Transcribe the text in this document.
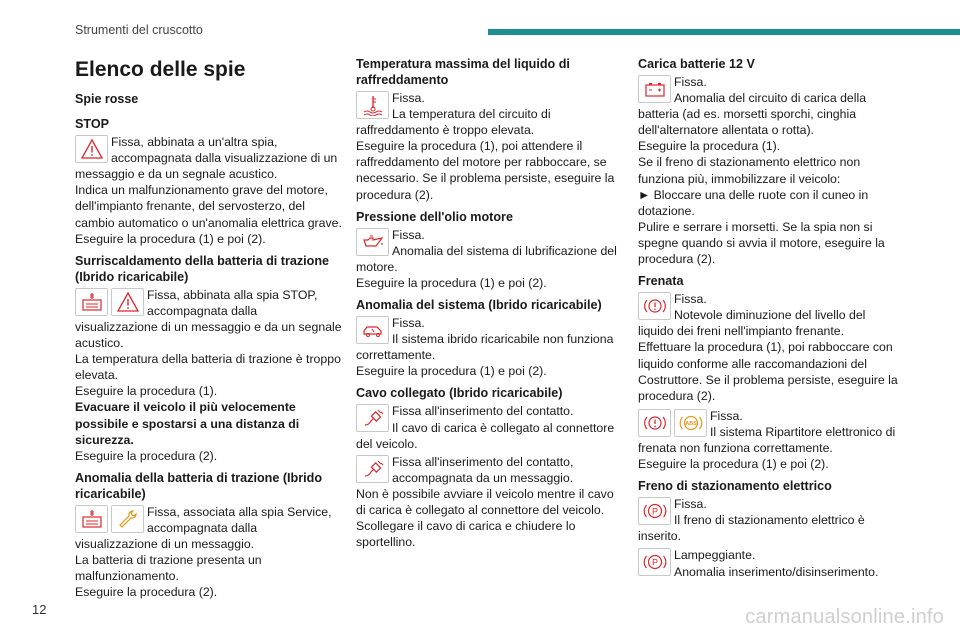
Strumenti del cruscotto
Elenco delle spie
Spie rosse
STOP

Fissa, abbinata a un'altra spia,

accompagnata dalla visualizzazione di un messaggio e da un segnale acustico.

Indica un malfunzionamento grave del motore, dell'impianto frenante, del servosterzo, del cambio automatico o un'anomalia elettrica grave.

Eseguire la procedura (1) e poi (2).

Surriscaldamento della batteria di trazione (Ibrido ricaricabile)

Fissa, abbinata alla spia STOP, accompagnata dalla visualizzazione di un messaggio e da un segnale acustico.

La temperatura della batteria di trazione è troppo elevata.

Eseguire la procedura (1).

Evacuare il veicolo il più velocemente possibile e spostarsi a una distanza di sicurezza.

Eseguire la procedura (2).

Anomalia della batteria di trazione (Ibrido ricaricabile)

Fissa, associata alla spia Service, accompagnata dalla visualizzazione di un messaggio.

La batteria di trazione presenta un malfunzionamento.

Eseguire la procedura (2).

Temperatura massima del liquido di raffreddamento

Fissa.

La temperatura del circuito di raffreddamento è troppo elevata.

Eseguire la procedura (1), poi attendere il raffreddamento del motore per rabboccare, se necessario. Se il problema persiste, eseguire la procedura (2).

Pressione dell'olio motore

Fissa.

Anomalia del sistema di lubrificazione del motore.

Eseguire la procedura (1) e poi (2).

Anomalia del sistema (Ibrido ricaricabile)

Fissa.

Il sistema ibrido ricaricabile non funziona correttamente.

Eseguire la procedura (1) e poi (2).

Cavo collegato (Ibrido ricaricabile)

Fissa all'inserimento del contatto.

Il cavo di carica è collegato al connettore del veicolo.

Fissa all'inserimento del contatto, accompagnata da un messaggio.

Non è possibile avviare il veicolo mentre il cavo di carica è collegato al connettore del veicolo.

Scollegare il cavo di carica e chiudere lo sportellino.

Carica batterie 12 V

Fissa.

Anomalia del circuito di carica della batteria (ad es. morsetti sporchi, cinghia dell'alternatore allentata o rotta).

Eseguire la procedura (1).

Se il freno di stazionamento elettrico non funziona più, immobilizzare il veicolo:

► Bloccare una delle ruote con il cuneo in dotazione.

Pulire e serrare i morsetti. Se la spia non si spegne quando si avvia il motore, eseguire la procedura (2).

Frenata

Fissa.

Notevole diminuzione del livello del liquido dei freni nell'impianto frenante.

Effettuare la procedura (1), poi rabboccare con liquido conforme alle raccomandazioni del Costruttore. Se il problema persiste, eseguire la procedura (2).

ABS

Fissa.

Il sistema Ripartitore elettronico di frenata non funziona correttamente.

Eseguire la procedura (1) e poi (2).

Freno di stazionamento elettrico
P

Fissa.

Il freno di stazionamento elettrico è inserito.

P

Lampeggiante.

Anomalia inserimento/disinserimento.

12	carmanualsonline.info
